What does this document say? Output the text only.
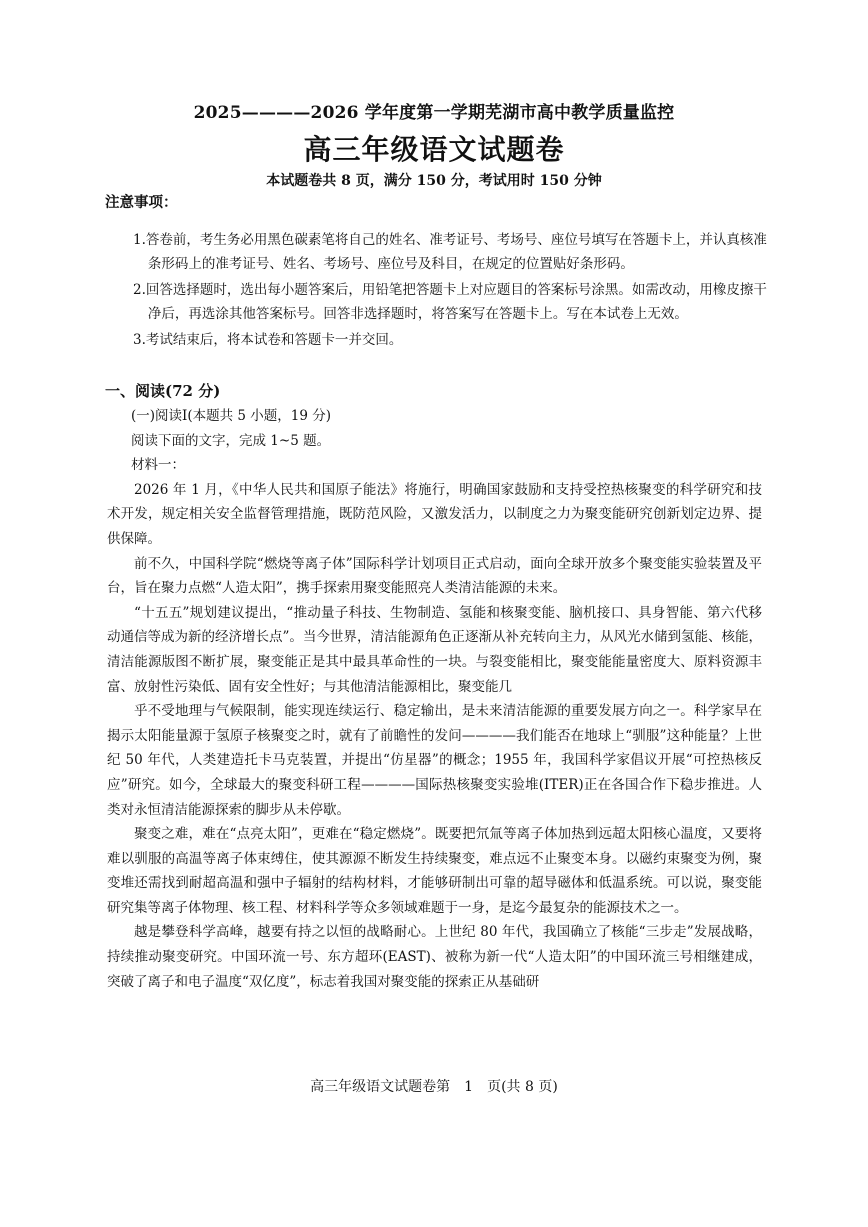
2025————2026 学年度第一学期芜湖市高中教学质量监控
高三年级语文试题卷
本试题卷共 8 页，满分 150 分，考试用时 150 分钟
注意事项：

1.答卷前，考生务必用黑色碳素笔将自己的姓名、准考证号、考场号、座位号填写在答题卡上，并认真核准条形码上的准考证号、姓名、考场号、座位号及科目，在规定的位置贴好条形码。

2.回答选择题时，选出每小题答案后，用铅笔把答题卡上对应题目的答案标号涂黑。如需改动，用橡皮擦干净后，再选涂其他答案标号。回答非选择题时，将答案写在答题卡上。写在本试卷上无效。

3.考试结束后，将本试卷和答题卡一并交回。

一、阅读(72 分)

(一)阅读Ⅰ(本题共 5 小题，19 分)

阅读下面的文字，完成 1~5 题。

材料一：

2026 年 1 月，《中华人民共和国原子能法》将施行，明确国家鼓励和支持受控热核聚变的科学研究和技术开发，规定相关安全监督管理措施，既防范风险，又激发活力，以制度之力为聚变能研究创新划定边界、提供保障。

前不久，中国科学院“燃烧等离子体”国际科学计划项目正式启动，面向全球开放多个聚变能实验装置及平台，旨在聚力点燃“人造太阳”，携手探索用聚变能照亮人类清洁能源的未来。

“十五五”规划建议提出，“推动量子科技、生物制造、氢能和核聚变能、脑机接口、具身智能、第六代移动通信等成为新的经济增长点”。当今世界，清洁能源角色正逐渐从补充转向主力，从风光水储到氢能、核能，清洁能源版图不断扩展，聚变能正是其中最具革命性的一块。与裂变能相比，聚变能能量密度大、原料资源丰富、放射性污染低、固有安全性好；与其他清洁能源相比，聚变能几

乎不受地理与气候限制，能实现连续运行、稳定输出，是未来清洁能源的重要发展方向之一。科学家早在揭示太阳能量源于氢原子核聚变之时，就有了前瞻性的发问————我们能否在地球上“驯服”这种能量？上世纪 50 年代，人类建造托卡马克装置，并提出“仿星器”的概念；1955 年，我国科学家倡议开展“可控热核反应”研究。如今，全球最大的聚变科研工程————国际热核聚变实验堆(ITER)正在各国合作下稳步推进。人类对永恒清洁能源探索的脚步从未停歇。

聚变之难，难在“点亮太阳”，更难在“稳定燃烧”。既要把氘氚等离子体加热到远超太阳核心温度，又要将难以驯服的高温等离子体束缚住，使其源源不断发生持续聚变，难点远不止聚变本身。以磁约束聚变为例，聚变堆还需找到耐超高温和强中子辐射的结构材料，才能够研制出可靠的超导磁体和低温系统。可以说，聚变能研究集等离子体物理、核工程、材料科学等众多领域难题于一身，是迄今最复杂的能源技术之一。

越是攀登科学高峰，越要有持之以恒的战略耐心。上世纪 80 年代，我国确立了核能“三步走”发展战略，持续推动聚变研究。中国环流一号、东方超环(EAST)、被称为新一代“人造太阳”的中国环流三号相继建成，突破了离子和电子温度“双亿度”，标志着我国对聚变能的探索正从基础研

高三年级语文试题卷第　1　页(共 8 页)
